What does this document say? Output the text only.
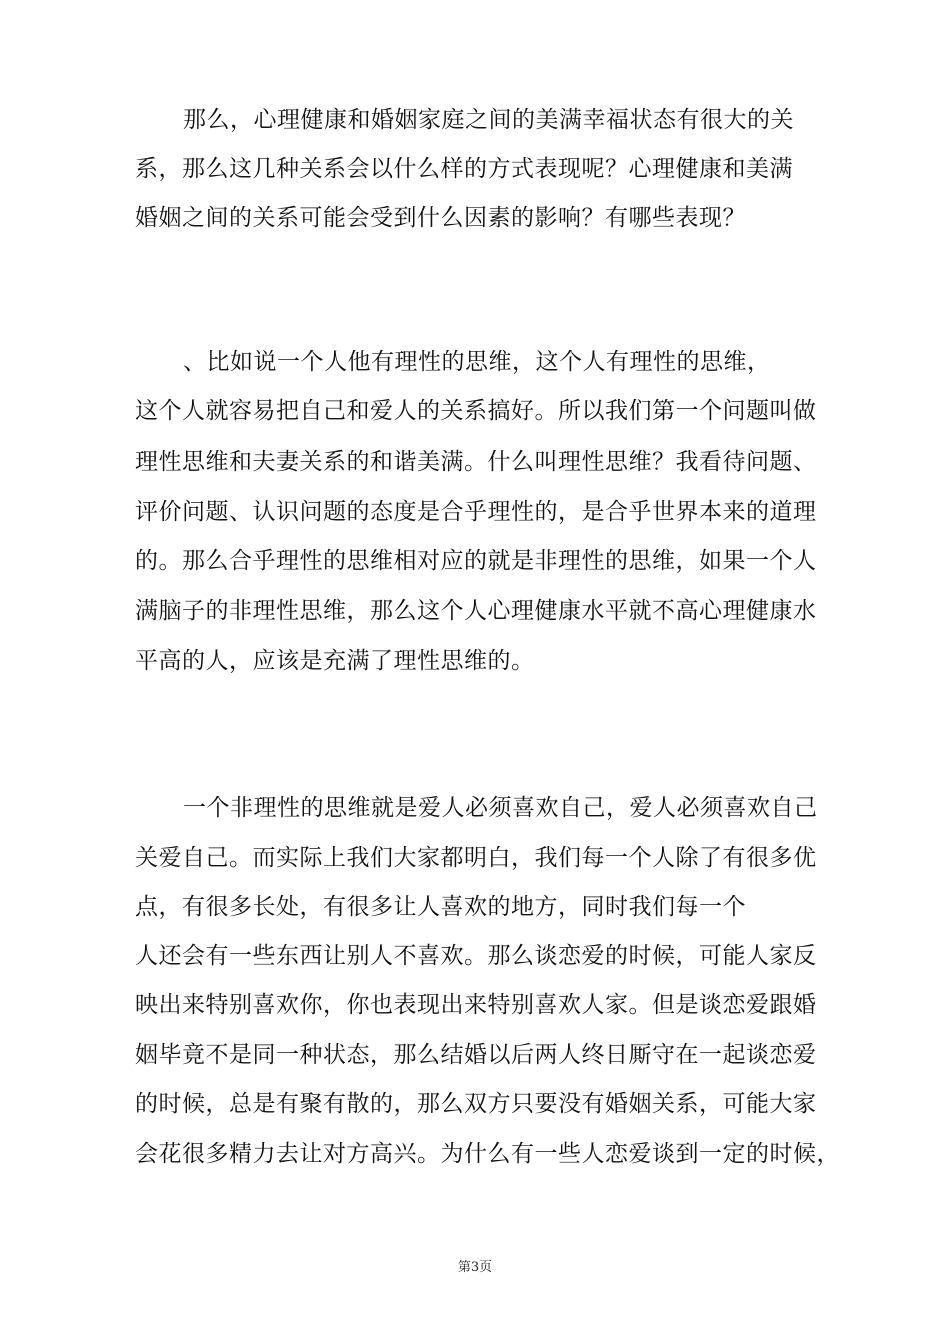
那么，心理健康和婚姻家庭之间的美满幸福状态有很大的关
系，那么这几种关系会以什么样的方式表现呢？心理健康和美满
婚姻之间的关系可能会受到什么因素的影响？有哪些表现？
、比如说一个人他有理性的思维，这个人有理性的思维，
这个人就容易把自己和爱人的关系搞好。所以我们第一个问题叫做
理性思维和夫妻关系的和谐美满。什么叫理性思维？我看待问题、
评价问题、认识问题的态度是合乎理性的，是合乎世界本来的道理
的。那么合乎理性的思维相对应的就是非理性的思维，如果一个人
满脑子的非理性思维，那么这个人心理健康水平就不高心理健康水
平高的人，应该是充满了理性思维的。
一个非理性的思维就是爱人必须喜欢自己，爱人必须喜欢自己
关爱自己。而实际上我们大家都明白，我们每一个人除了有很多优
点，有很多长处，有很多让人喜欢的地方，同时我们每一个
人还会有一些东西让别人不喜欢。那么谈恋爱的时候，可能人家反
映出来特别喜欢你，你也表现出来特别喜欢人家。但是谈恋爱跟婚
姻毕竟不是同一种状态，那么结婚以后两人终日厮守在一起谈恋爱
的时候，总是有聚有散的，那么双方只要没有婚姻关系，可能大家
会花很多精力去让对方高兴。为什么有一些人恋爱谈到一定的时候，
第3页
